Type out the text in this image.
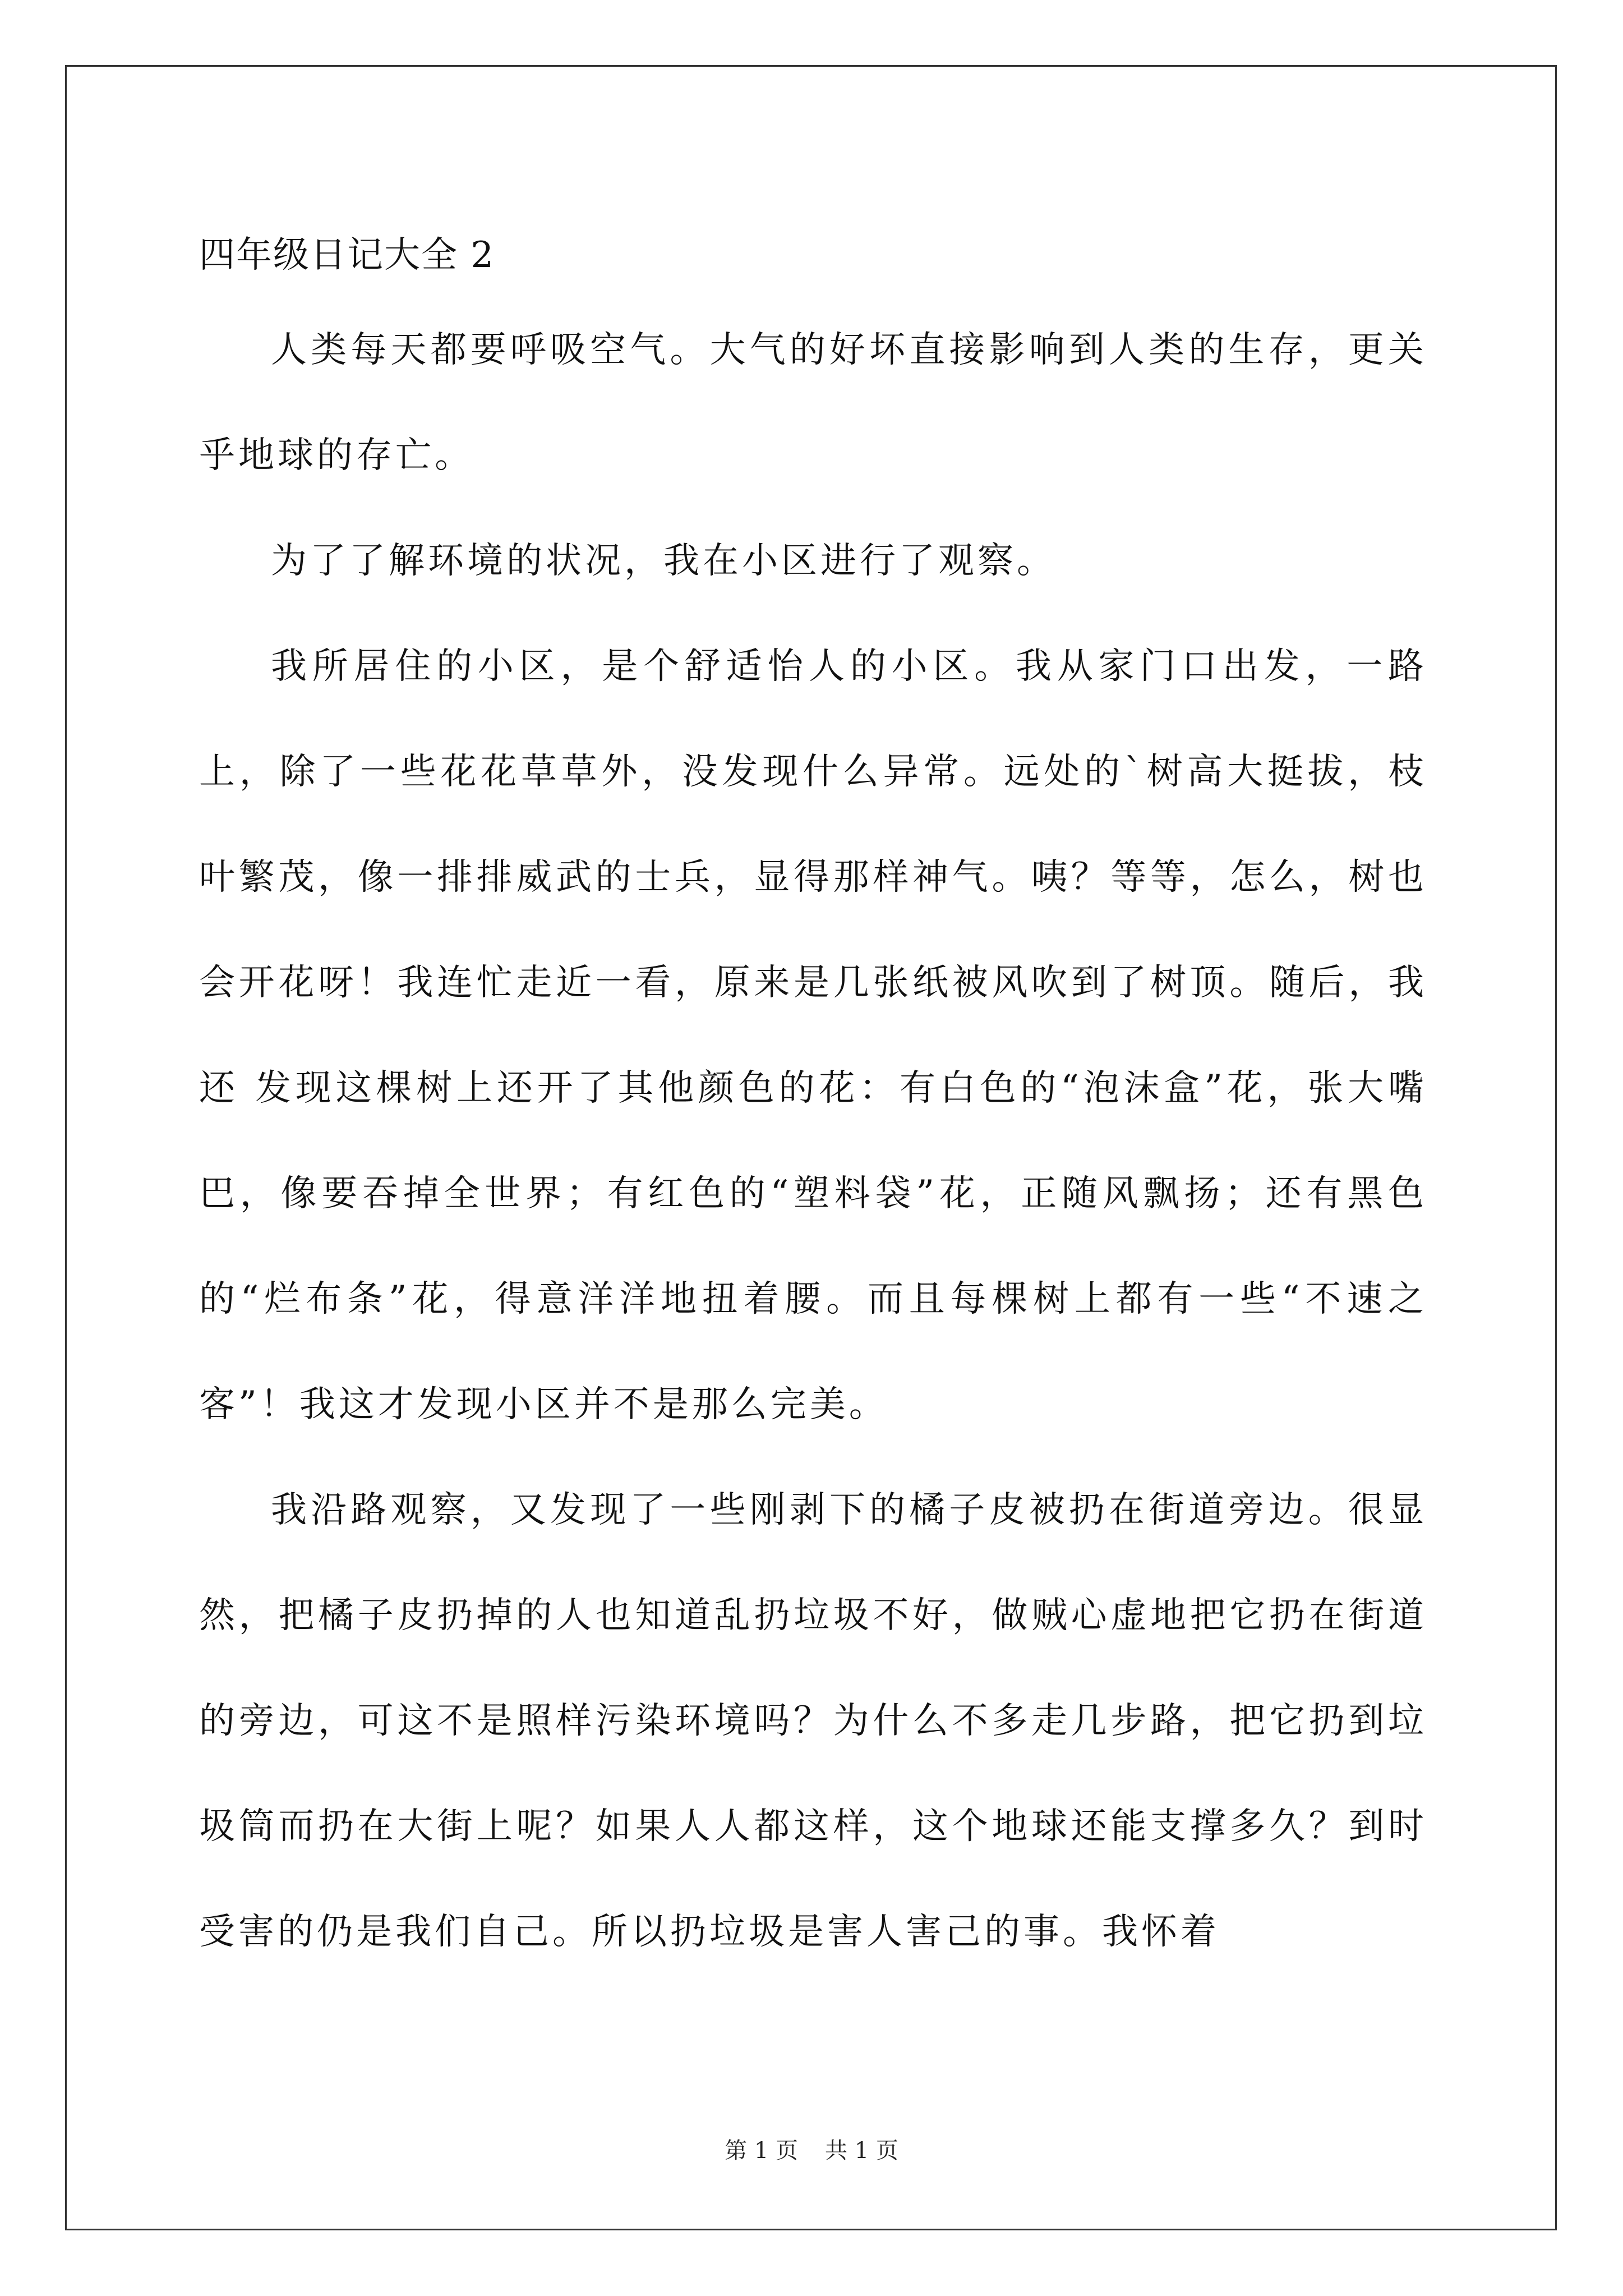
四年级日记大全 2

人类每天都要呼吸空气。大气的好坏直接影响到人类的生存，更关乎地球的存亡。

为了了解环境的状况，我在小区进行了观察。

我所居住的小区，是个舒适怡人的小区。我从家门口出发，一路上，除了一些花花草草外，没发现什么异常。远处的`树高大挺拔，枝叶繁茂，像一排排威武的士兵，显得那样神气。咦？等等，怎么，树也会开花呀！我连忙走近一看，原来是几张纸被风吹到了树顶。随后，我 还 发现这棵树上还开了其他颜色的花：有白色的“泡沫盒”花，张大嘴巴，像要吞掉全世界；有红色的“塑料袋”花，正随风飘扬；还有黑色的“烂布条”花，得意洋洋地扭着腰。而且每棵树上都有一些“不速之客”！我这才发现小区并不是那么完美。

我沿路观察，又发现了一些刚剥下的橘子皮被扔在街道旁边。很显然，把橘子皮扔掉的人也知道乱扔垃圾不好，做贼心虚地把它扔在街道的旁边，可这不是照样污染环境吗？为什么不多走几步路，把它扔到垃圾筒而扔在大街上呢？如果人人都这样，这个地球还能支撑多久？到时受害的仍是我们自己。所以扔垃圾是害人害己的事。我怀着

第 1 页 共 1 页
